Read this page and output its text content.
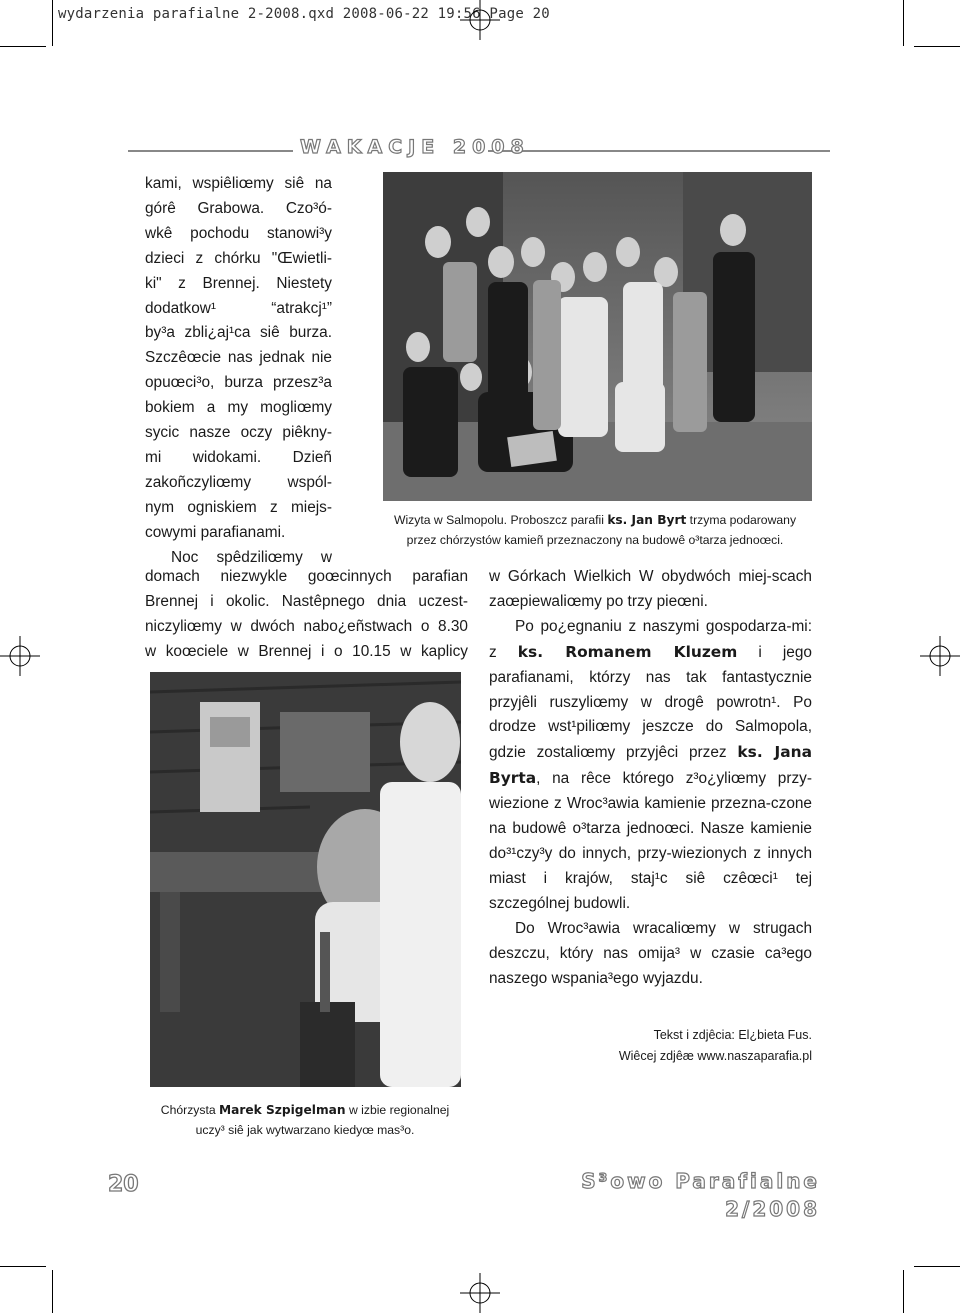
wydarzenia parafialne 2-2008.qxd 2008-06-22 19:56 Page 20
WAKACJE 2008
Wizyta w Salmopolu. Proboszcz parafii ks. Jan Byrt trzyma podarowany
przez chórzystów kamieñ przeznaczony na budowê o³tarza jednoœci.

kami, wspiêliœmy siê na

górê Grabowa. Czo³ó-

wkê pochodu stanowi³y

dzieci z chórku "Œwietli-

ki" z Brennej. Niestety

dodatkow¹ “atrakcj¹”

by³a zbli¿aj¹ca siê burza.

Szczêœcie nas jednak nie

opuœci³o, burza przesz³a

bokiem a my mogliœmy

sycic nasze oczy piêkny-

mi widokami. Dzieñ

zakoñczyliœmy wspól-

nym ogniskiem z miejs-

cowymi parafianami.

Noc spêdziliœmy w

domach niezwykle goœcinnych parafian

Brennej i okolic. Nastêpnego dnia uczest-

niczyliœmy w dwóch nabo¿eñstwach o 8.30

w koœciele w Brennej i o 10.15 w kaplicy

w Górkach Wielkich W obydwóch miej-scach zaœpiewaliœmy po trzy pieœni.

Po po¿egnaniu z naszymi gospodarza-mi: z ks. Romanem Kluzem i jego parafianami, którzy nas tak fantastycznie przyjêli ruszyliœmy w drogê powrotn¹. Po drodze wst¹piliœmy jeszcze do Salmopola, gdzie zostaliœmy przyjêci przez ks. Jana Byrta, na rêce którego z³o¿yliœmy przy-wiezione z Wroc³awia kamienie przezna-czone na budowê o³tarza jednoœci. Nasze kamienie do³¹czy³y do innych, przy-wiezionych z innych miast i krajów, staj¹c siê czêœci¹ tej szczególnej budowli.

Do Wroc³awia wracaliœmy w strugach deszczu, który nas omija³ w czasie ca³ego naszego wspania³ego wyjazdu.

Chórzysta Marek Szpigelman w izbie regionalnej
uczy³ siê jak wytwarzano kiedyœ mas³o.
Tekst i zdjêcia: El¿bieta Fus.
Wiêcej zdjêæ www.naszaparafia.pl
20	S³owo Parafialne
2/2008
